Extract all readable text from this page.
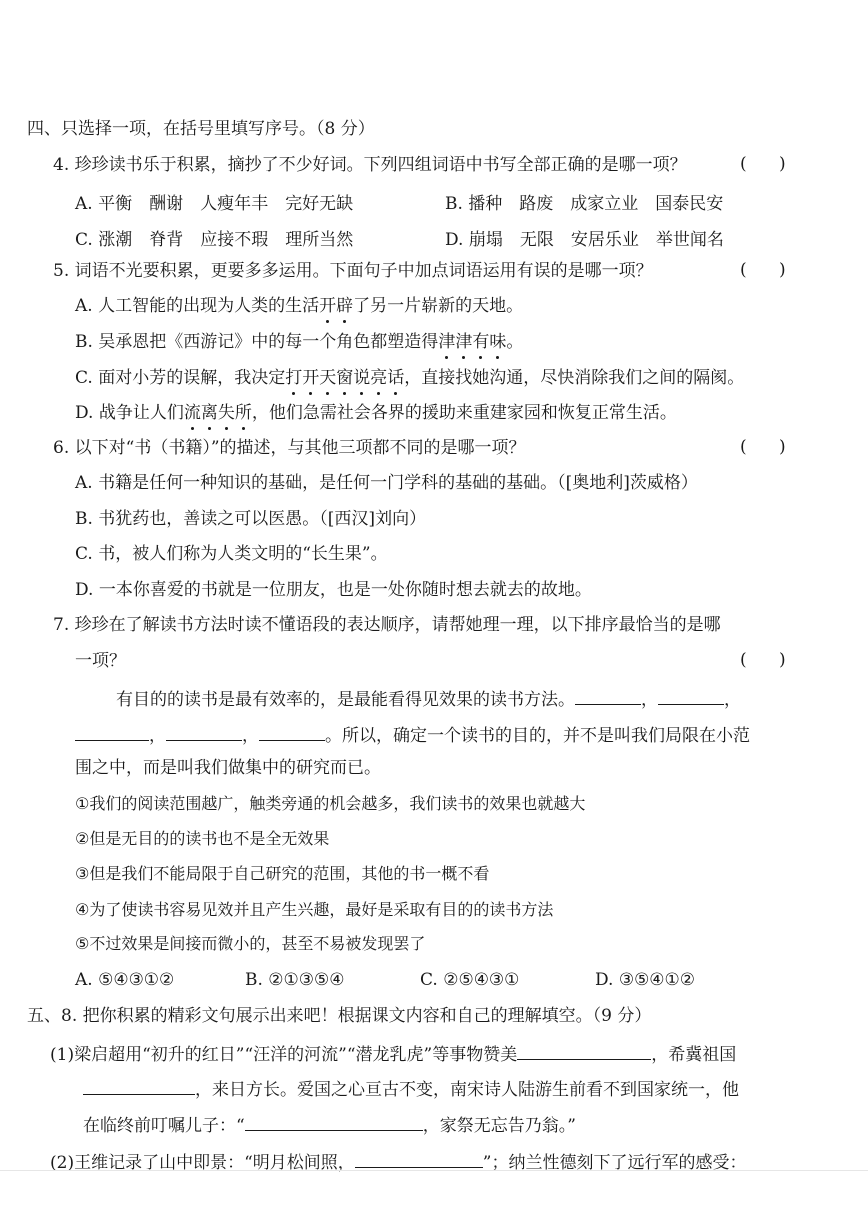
四、只选择一项，在括号里填写序号。（8 分）
4. 珍珍读书乐于积累，摘抄了不少好词。下列四组词语中书写全部正确的是哪一项？	(      )
A. 平衡　酬谢　人瘦年丰　完好无缺	B. 播种　路废　成家立业　国泰民安
C. 涨潮　脊背　应接不瑕　理所当然	D. 崩塌　无限　安居乐业　举世闻名
5. 词语不光要积累，更要多多运用。下面句子中加点词语运用有误的是哪一项？	(      )
A. 人工智能的出现为人类的生活开辟了另一片崭新的天地。
B. 吴承恩把《西游记》中的每一个角色都塑造得津津有味。
C. 面对小芳的误解，我决定打开天窗说亮话，直接找她沟通，尽快消除我们之间的隔阂。
D. 战争让人们流离失所，他们急需社会各界的援助来重建家园和恢复正常生活。
6. 以下对“书（书籍）”的描述，与其他三项都不同的是哪一项？	(      )
A. 书籍是任何一种知识的基础，是任何一门学科的基础的基础。（[奥地利]茨威格）
B. 书犹药也，善读之可以医愚。（[西汉]刘向）
C. 书，被人们称为人类文明的“长生果”。
D. 一本你喜爱的书就是一位朋友，也是一处你随时想去就去的故地。
7. 珍珍在了解读书方法时读不懂语段的表达顺序，请帮她理一理，以下排序最恰当的是哪
一项？	(      )
有目的的读书是最有效率的，是最能看得见效果的读书方法。	，	，
，	，	。所以，确定一个读书的目的，并不是叫我们局限在小范
围之中，而是叫我们做集中的研究而已。
①我们的阅读范围越广，触类旁通的机会越多，我们读书的效果也就越大
②但是无目的的读书也不是全无效果
③但是我们不能局限于自己研究的范围，其他的书一概不看
④为了使读书容易见效并且产生兴趣，最好是采取有目的的读书方法
⑤不过效果是间接而微小的，甚至不易被发现罢了
A. ⑤④③①②	B. ②①③⑤④	C. ②⑤④③①	D. ③⑤④①②
五、8. 把你积累的精彩文句展示出来吧！根据课文内容和自己的理解填空。（9 分）
(1)梁启超用“初升的红日”“汪洋的河流”“潜龙乳虎”等事物赞美	，希冀祖国
，来日方长。爱国之心亘古不变，南宋诗人陆游生前看不到国家统一，他
在临终前叮嘱儿子：“	，家祭无忘告乃翁。”
(2)王维记录了山中即景：“明月松间照，	”；纳兰性德刻下了远行军的感受：
